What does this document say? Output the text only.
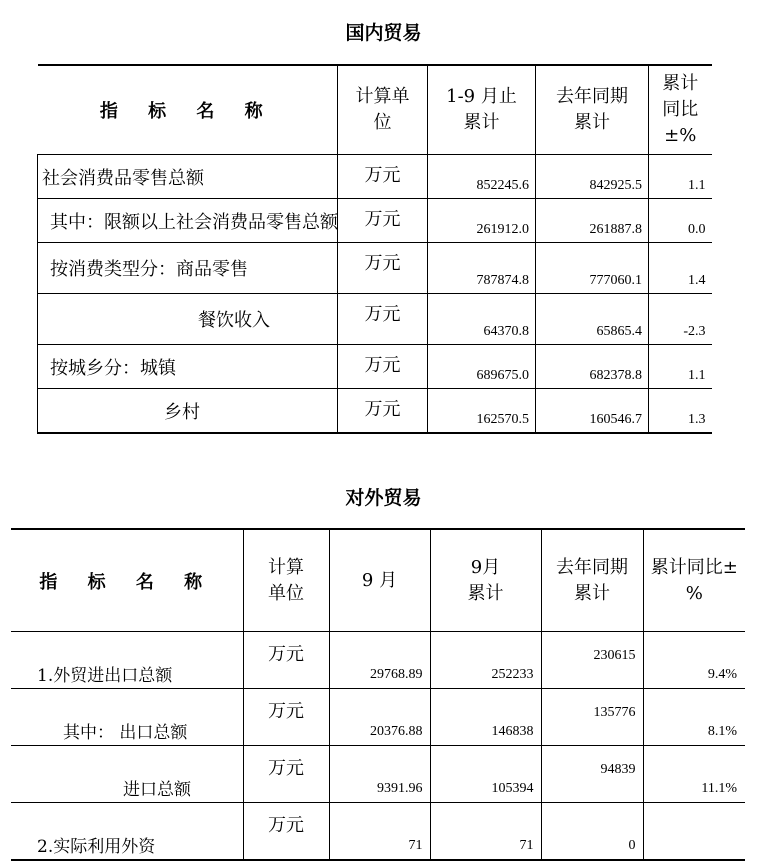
国内贸易
指 标 名 称	计算单位	1-9 月止累计	去年同期累计	累计同比±%

社会消费品零售总额	万元	852245.6	842925.5	1.1
其中：限额以上社会消费品零售总额	万元	261912.0	261887.8	0.0
按消费类型分：商品零售	万元	787874.8	777060.1	1.4
餐饮收入	万元	64370.8	65865.4	-2.3
按城乡分：城镇	万元	689675.0	682378.8	1.1
乡村	万元	162570.5	160546.7	1.3
对外贸易
指 标 名 称	计算单位	9 月	9月累计	去年同期累计	累计同比±%

1.外贸进出口总额	万元	29768.89	252233	230615	9.4%
其中： 出口总额	万元	20376.88	146838	135776	8.1%
进口总额	万元	9391.96	105394	94839	11.1%
2.实际利用外资	万元	71	71	0	
